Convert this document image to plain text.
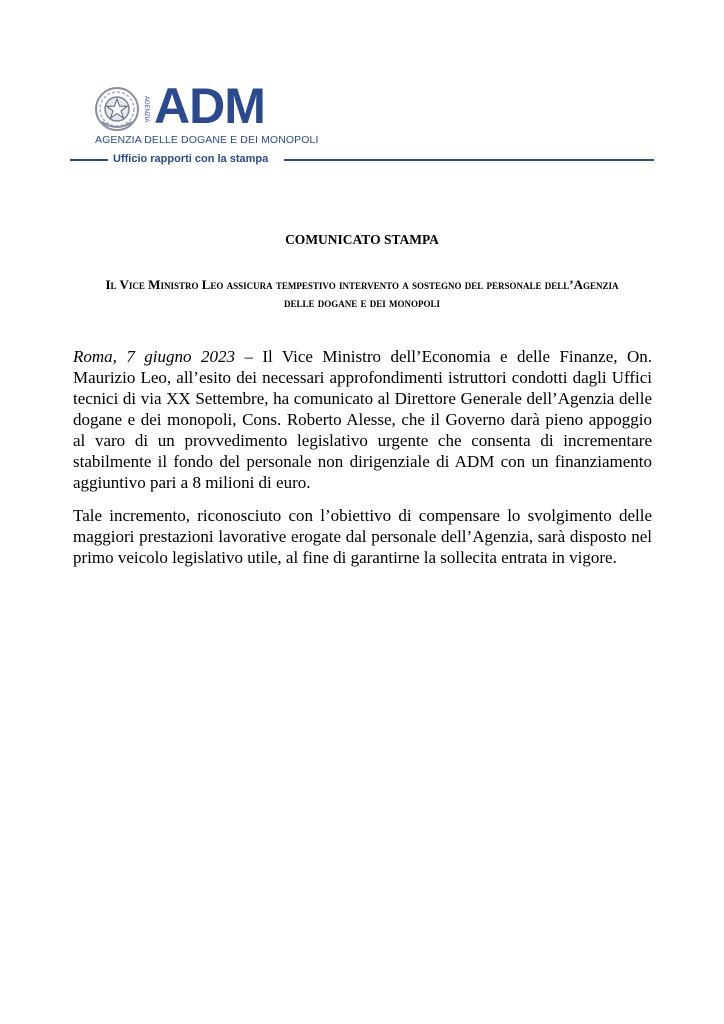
AGENZIA ADM
AGENZIA DELLE DOGANE E DEI MONOPOLI
Ufficio rapporti con la stampa
COMUNICATO STAMPA
Il Vice Ministro Leo assicura tempestivo intervento a sostegno del personale dell’Agenzia delle dogane e dei monopoli

Roma, 7 giugno 2023 – Il Vice Ministro dell’Economia e delle Finanze, On. Maurizio Leo, all’esito dei necessari approfondimenti istruttori condotti dagli Uffici tecnici di via XX Settembre, ha comunicato al Direttore Generale dell’Agenzia delle dogane e dei monopoli, Cons. Roberto Alesse, che il Governo darà pieno appoggio al varo di un provvedimento legislativo urgente che consenta di incrementare stabilmente il fondo del personale non dirigenziale di ADM con un finanziamento aggiuntivo pari a 8 milioni di euro.

Tale incremento, riconosciuto con l’obiettivo di compensare lo svolgimento delle maggiori prestazioni lavorative erogate dal personale dell’Agenzia, sarà disposto nel primo veicolo legislativo utile, al fine di garantirne la sollecita entrata in vigore.
